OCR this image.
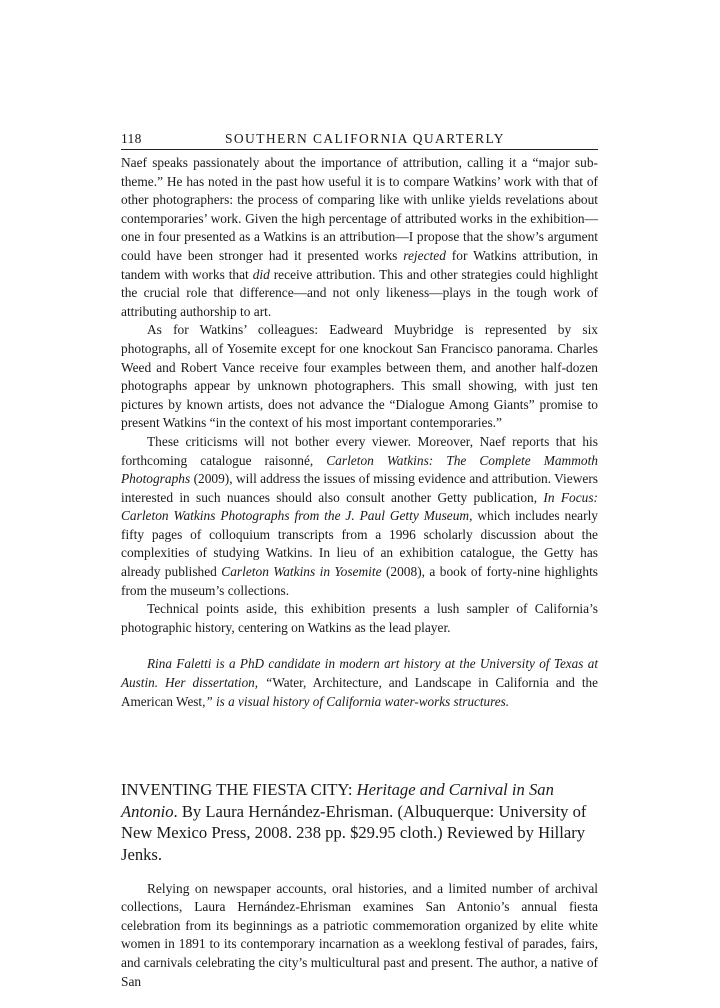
118	SOUTHERN CALIFORNIA QUARTERLY

Naef speaks passionately about the importance of attribution, calling it a “major sub-theme.” He has noted in the past how useful it is to compare Watkins’ work with that of other photographers: the process of comparing like with unlike yields revelations about contemporaries’ work. Given the high percentage of attributed works in the exhibition—one in four presented as a Watkins is an attribution—I propose that the show’s argument could have been stronger had it presented works rejected for Watkins attribution, in tandem with works that did receive attribution. This and other strategies could highlight the crucial role that difference—and not only likeness—plays in the tough work of attributing authorship to art.

As for Watkins’ colleagues: Eadweard Muybridge is represented by six photographs, all of Yosemite except for one knockout San Francisco panorama. Charles Weed and Robert Vance receive four examples between them, and another half-dozen photographs appear by unknown photographers. This small showing, with just ten pictures by known artists, does not advance the “Dialogue Among Giants” promise to present Watkins “in the context of his most important contemporaries.”

These criticisms will not bother every viewer. Moreover, Naef reports that his forthcoming catalogue raisonné, Carleton Watkins: The Complete Mammoth Photographs (2009), will address the issues of missing evidence and attribution. Viewers interested in such nuances should also consult another Getty publication, In Focus: Carleton Watkins Photographs from the J. Paul Getty Museum, which includes nearly fifty pages of colloquium transcripts from a 1996 scholarly discussion about the complexities of studying Watkins. In lieu of an exhibition catalogue, the Getty has already published Carleton Watkins in Yosemite (2008), a book of forty-nine highlights from the museum’s collections.

Technical points aside, this exhibition presents a lush sampler of California’s photographic history, centering on Watkins as the lead player.

Rina Faletti is a PhD candidate in modern art history at the University of Texas at Austin. Her dissertation, “Water, Architecture, and Landscape in California and the American West,” is a visual history of California water-works structures.

INVENTING THE FIESTA CITY: Heritage and Carnival in San Antonio. By Laura Hernández-Ehrisman. (Albuquerque: University of New Mexico Press, 2008. 238 pp. $29.95 cloth.) Reviewed by Hillary Jenks.

Relying on newspaper accounts, oral histories, and a limited number of archival collections, Laura Hernández-Ehrisman examines San Antonio’s annual fiesta celebration from its beginnings as a patriotic commemoration organized by elite white women in 1891 to its contemporary incarnation as a weeklong festival of parades, fairs, and carnivals celebrating the city’s multicultural past and present. The author, a native of San
